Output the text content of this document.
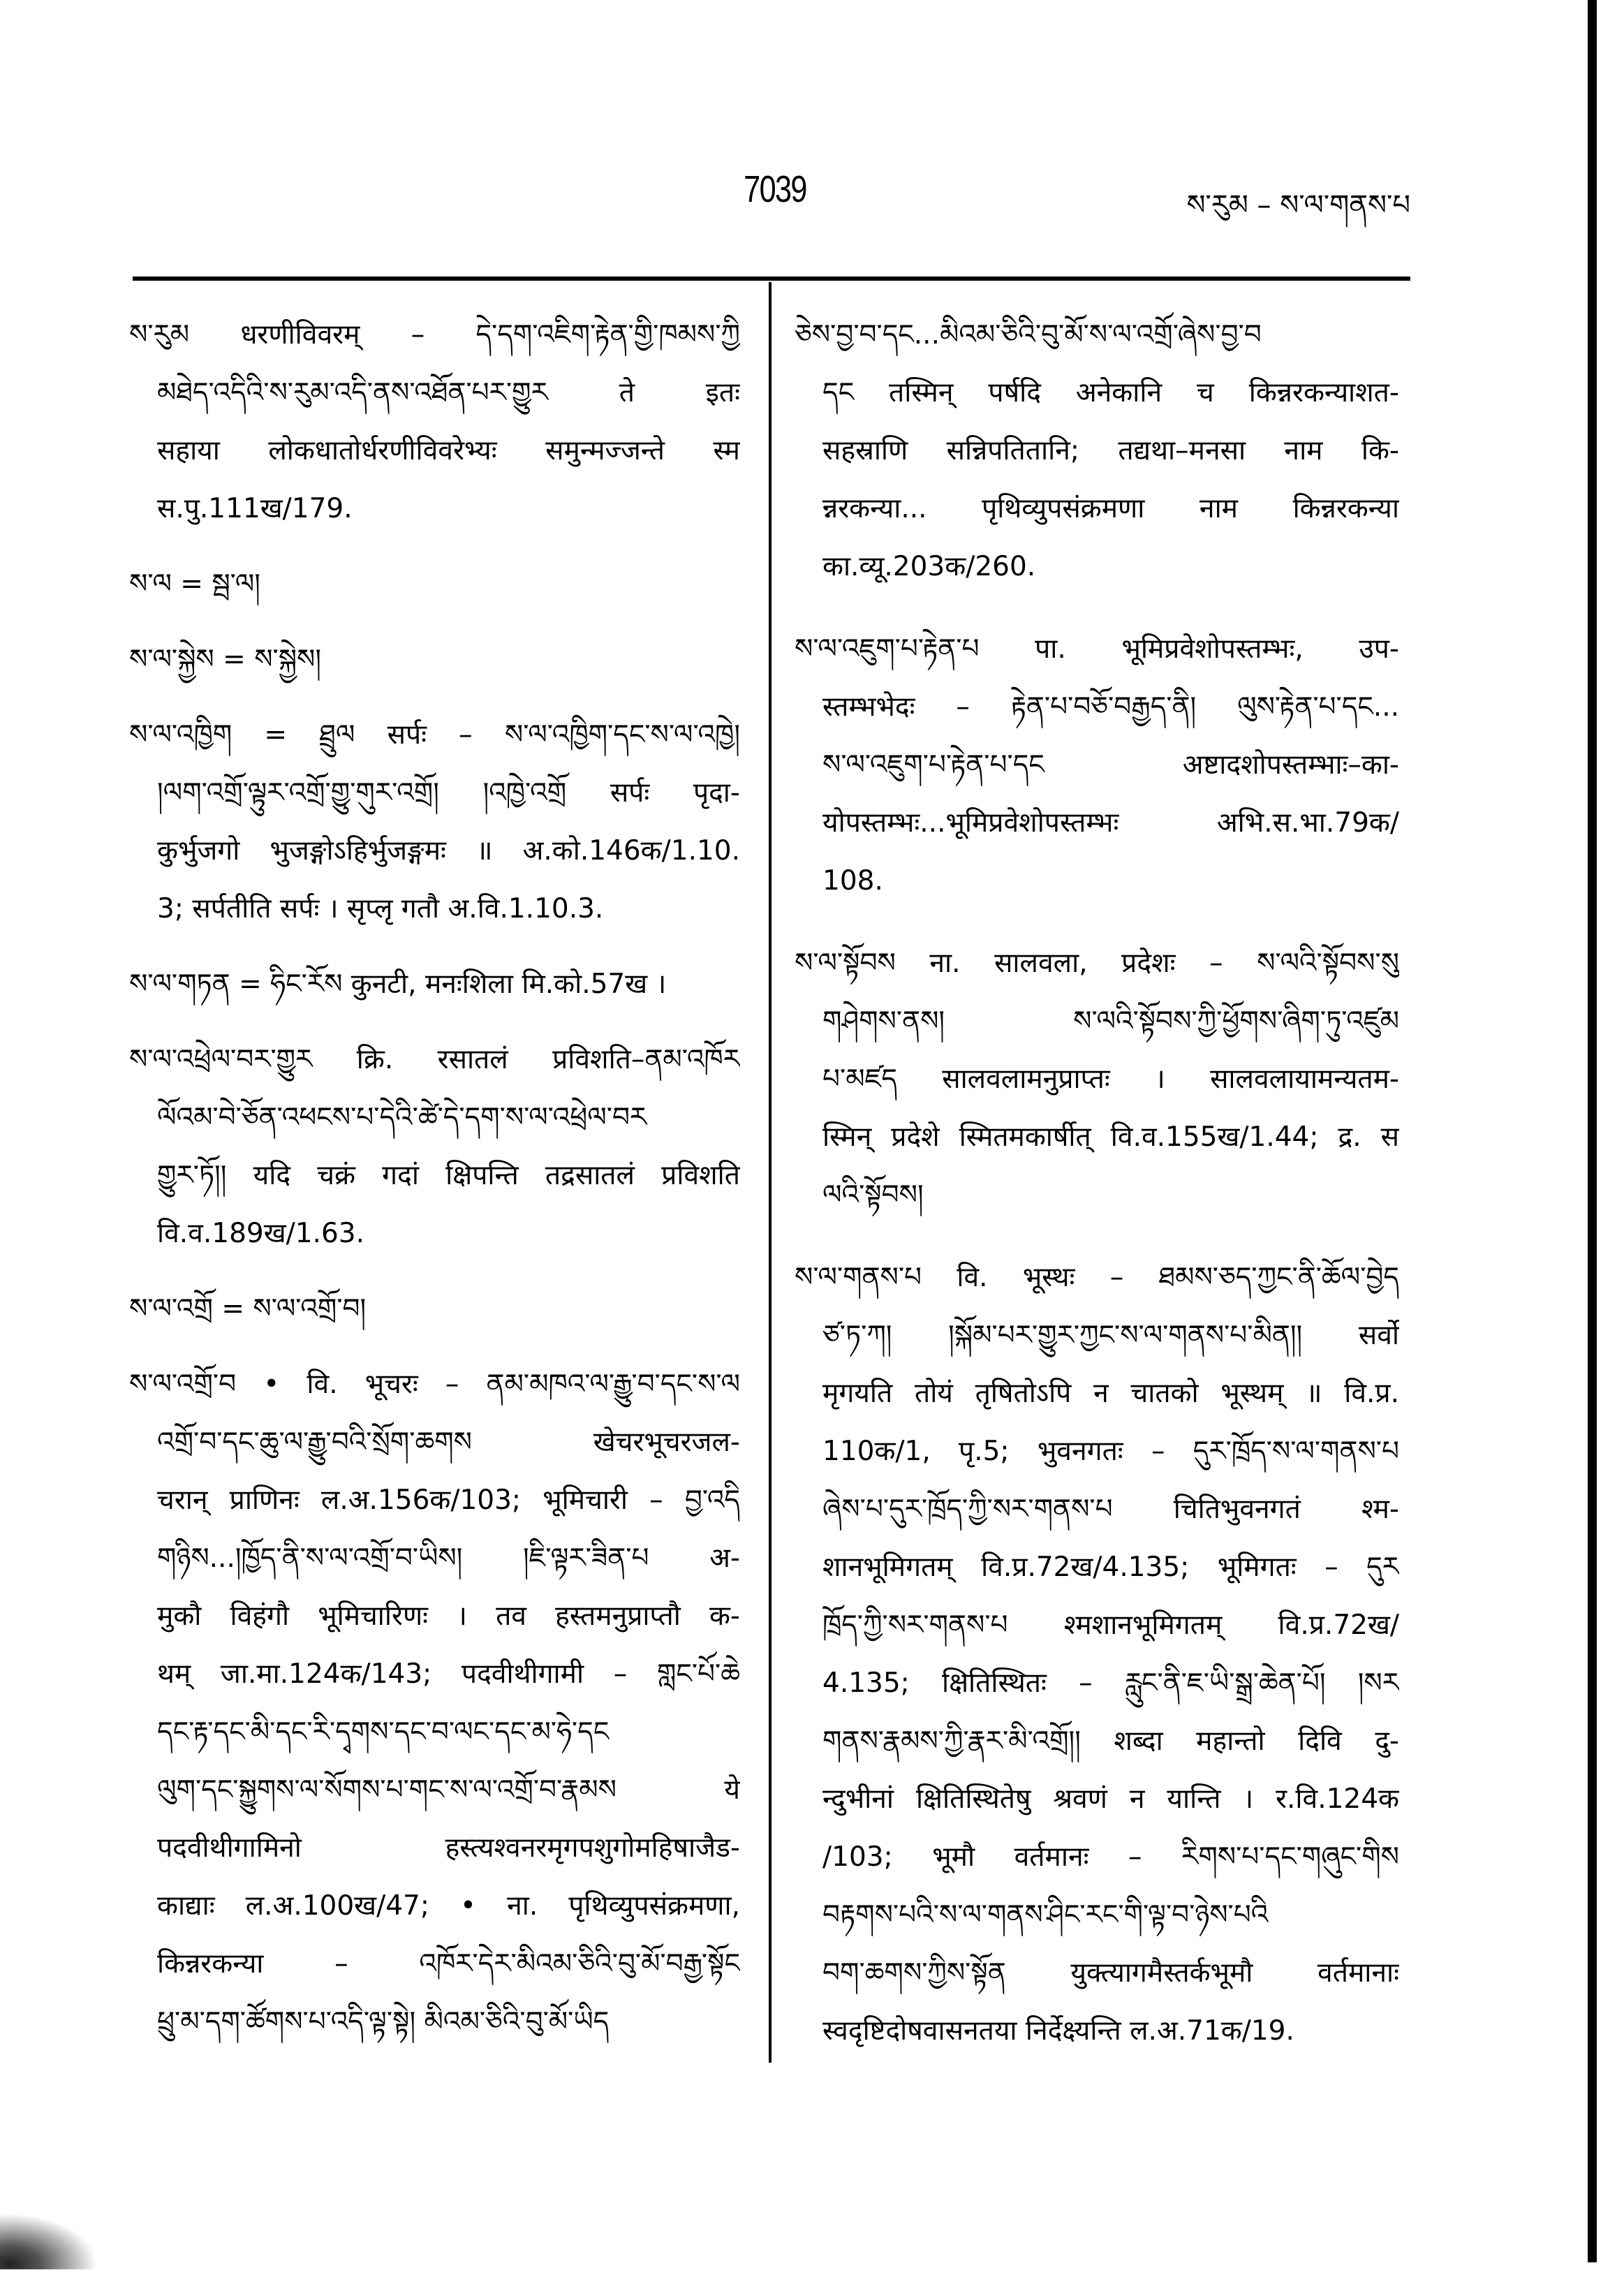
7039	ས་རུམ – ས་ལ་གནས་པ
ས་རུམ धरणीविवरम् – དེ་དག་འཇིག་རྟེན་གྱི་ཁམས་ཀྱི
མཐེད་འདིའི་ས་རུམ་འདི་ནས་འཐོན་པར་གྱུར ते इतः
सहाया लोकधातोर्धरणीविवरेभ्यः समुन्मज्जन्ते स्म
स.पु.111ख/179.
ས་ལ = སྦ་ལ།
ས་ལ་སྐྱེས = ས་སྐྱེས།
ས་ལ་འཁྱིག = ཐྲུལ सर्पः – ས་ལ་འཁྱིག་དང་ས་ལ་འཁྱེ།
།ལག་འགྲོ་ལྟུར་འགྲོ་གྱུ་གུར་འགྲོ། །འཁྱེ་འགྲོ सर्पः पृदा-
कुर्भुजगो भुजङ्गोऽहिर्भुजङ्गमः ॥ अ.को.146क/1.10.
3; सर्पतीति सर्पः । सृप्लृ गतौ अ.वि.1.10.3.
ས་ལ་གཏན = ཧིང་རོས कुनटी, मनःशिला मि.को.57ख ।
ས་ལ་འཕྲེལ་བར་གྱུར क्रि. रसातलं प्रविशति–ནམ་འཁོར
ལོའམ་བེ་ཅོན་འཕངས་པ་དེའི་ཚེ་དེ་དག་ས་ལ་འཕྲེལ་བར
གྱུར་ཏོ།། यदि चक्रं गदां क्षिपन्ति तद्रसातलं प्रविशति
वि.व.189ख/1.63.
ས་ལ་འགྲོ = ས་ལ་འགྲོ་བ།
ས་ལ་འགྲོ་བ • वि. भूचरः – ནམ་མཁའ་ལ་རྒྱུ་བ་དང་ས་ལ
འགྲོ་བ་དང་ཆུ་ལ་རྒྱུ་བའི་སྲོག་ཆགས खेचरभूचरजल-
चरान् प्राणिनः ल.अ.156क/103; भूमिचारी – བྱ་འདི
གཉིས...།ཁྱོད་ནི་ས་ལ་འགྲོ་བ་ཡིས། །ཇི་ལྟར་ཟིན་པ अ-
मुकौ विहंगौ भूमिचारिणः । तव हस्तमनुप्राप्तौ क-
थम् जा.मा.124क/143; पदवीथीगामी – གླང་པོ་ཆེ
དང་རྟ་དང་མི་དང་རི་དྭགས་དང་བ་ལང་དང་མ་ཧེ་དང
ལུག་དང་སྐྱུགས་ལ་སོགས་པ་གང་ས་ལ་འགྲོ་བ་རྣམས ये
पदवीथीगामिनो हस्त्यश्वनरमृगपशुगोमहिषाजैड-
काद्याः ल.अ.100ख/47; • ना. पृथिव्युपसंक्रमणा,
किन्नरकन्या – འཁོར་དེར་མིའམ་ཅིའི་བུ་མོ་བརྒྱ་སྟོང
ཕྲུ་མ་དག་ཚོགས་པ་འདི་ལྟ་སྟེ། མིའམ་ཅིའི་བུ་མོ་ཡིད
ཅེས་བྱ་བ་དང...མིའམ་ཅིའི་བུ་མོ་ས་ལ་འགྲོ་ཞེས་བྱ་བ
དང तस्मिन् पर्षदि अनेकानि च किन्नरकन्याशत-
सहस्राणि सन्निपतितानि; तद्यथा–मनसा नाम कि-
न्नरकन्या... पृथिव्युपसंक्रमणा नाम किन्नरकन्या
का.व्यू.203क/260.
ས་ལ་འཇུག་པ་རྟེན་པ पा. भूमिप्रवेशोपस्तम्भः, उप-
स्तम्भभेदः – རྟེན་པ་བཅོ་བརྒྱད་ནི། ལུས་རྟེན་པ་དང...
ས་ལ་འཇུག་པ་རྟེན་པ་དང अष्टादशोपस्तम्भाः–का-
योपस्तम्भः...भूमिप्रवेशोपस्तम्भः अभि.स.भा.79क/
108.
ས་ལ་སྟོབས ना. सालवला, प्रदेशः – ས་ལའི་སྟོབས་སུ
གཤེགས་ནས། ས་ལའི་སྟོབས་ཀྱི་ཕྱོགས་ཞིག་ཏུ་འཛུམ
པ་མཛད सालवलामनुप्राप्तः । सालवलायामन्यतम-
स्मिन् प्रदेशे स्मितमकार्षीत् वि.व.155ख/1.44; द्र. स
ལའི་སྟོབས།
ས་ལ་གནས་པ वि. भूस्थः – ཐམས་ཅད་ཀྱང་ནི་ཆོལ་བྱེད
ཙ་ཏ་ཀ། །སྐོམ་པར་གྱུར་ཀྱང་ས་ལ་གནས་པ་མིན།། सर्वो
मृगयति तोयं तृषितोऽपि न चातको भूस्थम् ॥ वि.प्र.
110क/1, पृ.5; भुवनगतः – དུར་ཁྲོད་ས་ལ་གནས་པ
ཞེས་པ་དུར་ཁྲོད་ཀྱི་སར་གནས་པ चितिभुवनगतं श्म-
शानभूमिगतम् वि.प्र.72ख/4.135; भूमिगतः – དུར
ཁྲོད་ཀྱི་སར་གནས་པ श्मशानभूमिगतम् वि.प्र.72ख/
4.135; क्षितिस्थितः – རླུང་ནི་ཇ་ཡི་སྒྲ་ཆེན་པོ། །སར
གནས་རྣམས་ཀྱི་རྣར་མི་འགྲོ།། शब्दा महान्तो दिवि दु-
न्दुभीनां क्षितिस्थितेषु श्रवणं न यान्ति । र.वि.124क
/103; भूमौ वर्तमानः – རིགས་པ་དང་གཞུང་གིས
བརྟགས་པའི་ས་ལ་གནས་ཤིང་རང་གི་ལྟ་བ་ཉེས་པའི
བག་ཆགས་ཀྱིས་སྟོན युक्त्यागमैस्तर्कभूमौ वर्तमानाः
स्वदृष्टिदोषवासनतया निर्देक्ष्यन्ति ल.अ.71क/19.
